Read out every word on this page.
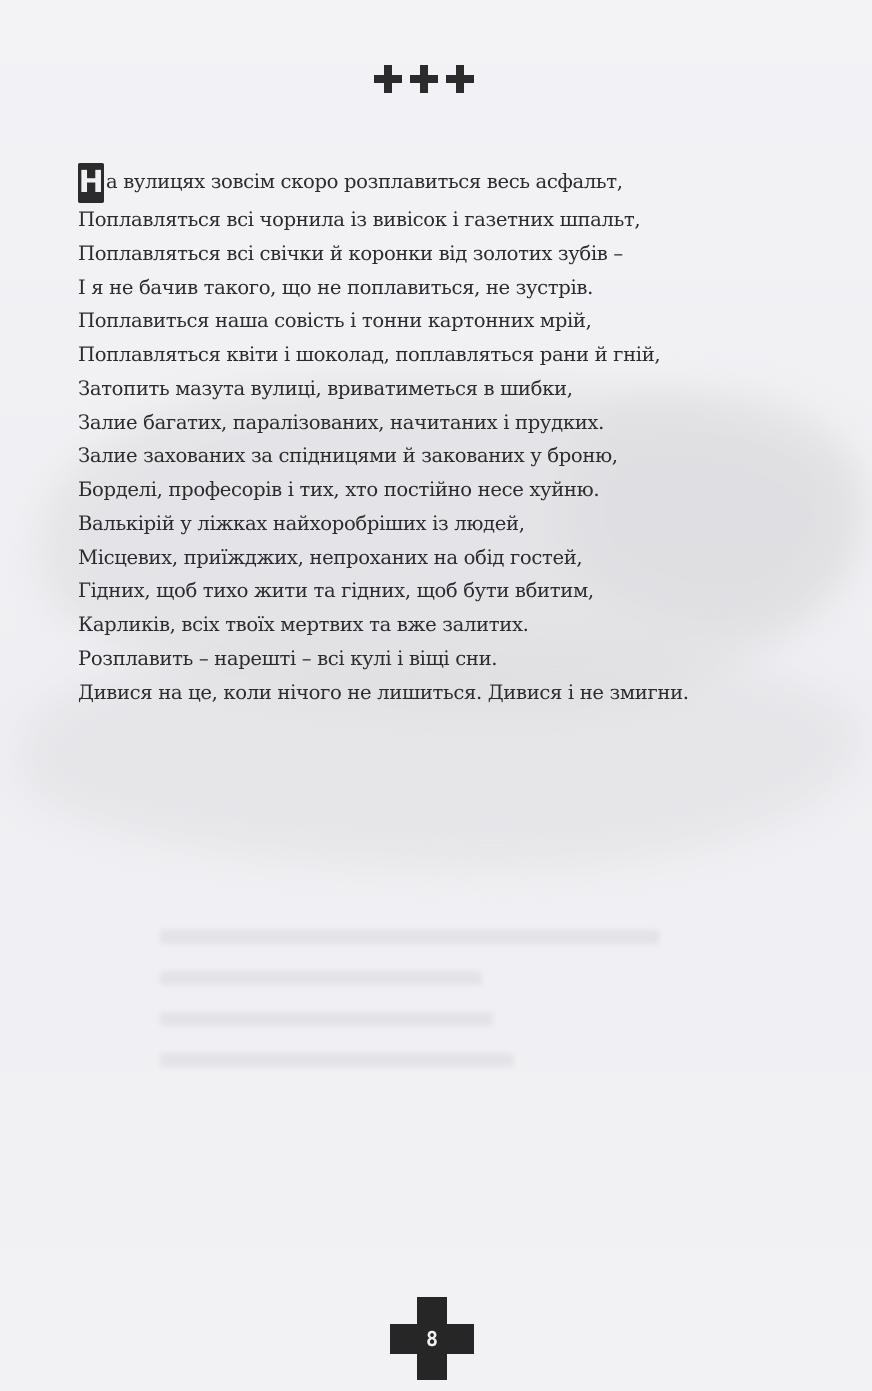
Н а вулицях зовсім скоро розплавиться весь асфальт,
Поплавляться всі чорнила із вивісок і газетних шпальт,
Поплавляться всі свічки й коронки від золотих зубів –
І я не бачив такого, що не поплавиться, не зустрів.
Поплавиться наша совість і тонни картонних мрій,
Поплавляться квіти і шоколад, поплавляться рани й гній,
Затопить мазута вулиці, вриватиметься в шибки,
Залие багатих, паралізованих, начитаних і прудких.
Залие захованих за спідницями й закованих у броню,
Борделі, професорів і тих, хто постійно несе хуйню.
Валькірій у ліжках найхоробріших із людей,
Місцевих, приїжджих, непроханих на обід гостей,
Гідних, щоб тихо жити та гідних, щоб бути вбитим,
Карликів, всіх твоїх мертвих та вже залитих.
Розплавить – нарешті – всі кулі і віщі сни.
Дивися на це, коли нічого не лишиться. Дивися і не змигни.
8
